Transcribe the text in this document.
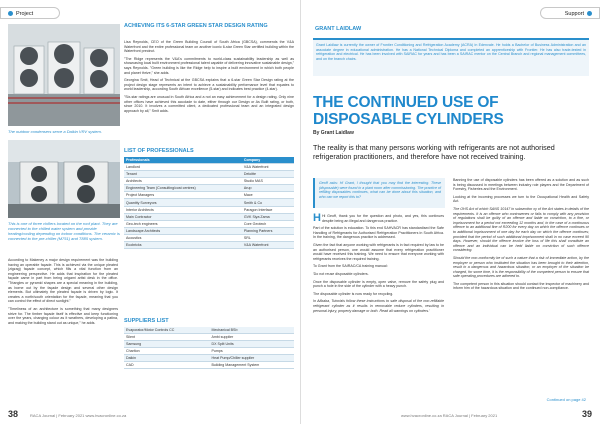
Project
The outdoor condensers serve a Daikin VRV system.
This is one of three chillers located on the roof plant. They are connected to the chilled water system and provide heating/cooling depending on indoor conditions. The ceramic is connected to the pre-chiller (M751) and T885 system.
ACHIEVING ITS 6-STAR GREEN STAR DESIGN RATING

Lisa Reynolds, CEO of the Green Building Council of South Africa (GBCSA), commends the V&A Waterfront and the entire professional team on another iconic 6-star Green Star certified building within the Waterfront precinct.

"The Ridge represents the V&A's commitments to world-class sustainability leadership as well as showcasing local built environment professional talent capable of delivering innovative sustainable design," says Reynolds. "Green building is like the Ridge help to inspire a built environment in which both people and planet thrive," she adds.

Georgina Smit, Head of Technical at the GBCSA explains that a 6-star Green Star Design rating at the project design stage represents an intent to achieve a sustainability performance level that equates to world leadership, according South African excellence (5-star) and indicates best practice (4-star).

"Six-star ratings are unusual in South Africa and a not an easy achievement for a design rating. Only nine other offices have achieved this accolade to date, either through our Design or As Built rating, or both, since 2010. It involves a committed client, a dedicated professional team and an integrated design approach by all," Smit adds.

LIST OF PROFESSIONALS
Professionals	Company
Landlord	V&A Waterfront
Tenant	Deloitte
Architects	Studio MAS
Engineering Team (Consulting/cost centres)	Arup
Project Managers	Mace
Quantity Surveyors	Smith & Co
Interior Architects	Paragon Interface
Main Contractor	GVK Siya Zama
Geo-tech engineers	Core Geotech
Landscape Architects	Planning Partners
Acoustics	SRL
Ecobricks	V&A Waterfront
SUPPLIERS LIST
Evaporator/Motor Controls CC	Mechanical BSb
Silent	Ambi supplier
Samsung	DX Split Units
Charlton	Pumps
Daikin	Heat Pump/Chiller supplier
CAD	Building Management System

According to Makeney a major design requirement was the building having an operable façade. This is achieved via the unique pleated (zigzag) façade concept, which fills a vital function from an engineering perspective. He adds that inspiration for the pleated façade came in part from being origami artist desk in the office. "Triangles or pyramid shapes are a special meaning in the building, as borne out by the façade design and several other design elements. But ultimately the pleated façade is driven by logic. It creates a north/south orientation for the façade, meaning that you can control the effect of direct sunlight."

"Timeliness of an architecture is something that many designers strive for. The timber façade itself is effective and keep functioning over the years, changing colour as it weathers, developing a patina, and making the building stand out as unique," he adds.

38	RACA Journal | February 2021 www.hvacronline.co.za
Support
GRANT LAIDLAW
Grant Laidlaw is currently the owner of Frontier Conditioning and Refrigeration Academy (ACRA) in Edenvale. He holds a Bachelor of Business Administration and an associate degree in educational administration. He has a National Technical Diploma and completed an apprenticeship with Frontier. He has also trade-tested in refrigeration and electrical. He has been involved with SAIRAC for years and has been a SAIRAC mentor on the Central Branch and regional management committees, and on the branch chairs.
THE CONTINUED USE OF DISPOSABLE CYLINDERS
By Grant Laidlaw
The reality is that many persons working with refrigerants are not authorised refrigeration practitioners, and therefore have not received training.
Geoff asks: Hi Grant, I thought that you may find the interesting. These (disposable) were found in a plant room after commissioning. The practice of refilling disposables continues, what can be done about this situation, and who can we report this to?

H Hi Geoff, thank you for the question and photo, and yes, this continues despite being an illegal and dangerous practice.

Part of the solution is education. To this end SAHVACR has standardised the Safe Handling of Refrigerants for Authorised Refrigeration Practitioners in South Africa. In the training, the dangerous practice is addressed.

Given the fact that anyone working with refrigerants is in fact required by law to be an authorised person, one would assume that every refrigeration practitioner would have received this training. We need to ensure that everyone working with refrigerants receives the required training.

To Grant from the SAIRAC/CA training manual:

'Do not reuse disposable cylinders.

Once the disposable cylinder is empty, open valve, remove the safety plug and punch a hole in the side of the cylinder with a heavy punch.

The disposable cylinder is now ready for recycling.

In Alibaba, Tutorials follow these instructions to safe disposal of the non-refillable refrigerant cylinder as it results in removable reduce cylinders, resulting in personal injury, property damage or both. Read all warnings on cylinders.'

Banning the use of disposable cylinders has been offered as a solution and as such is being discussed in meetings between industry role players and the Department of Forestry, Fisheries and the Environment.

Looking at the incoming processes we turn to the Occupational Health and Safety Act.

The OHS Act of which SANS 10147 in subsection xy of the Act states in details of the requirements. It is an offence who contravenes or fails to comply with any provision of regulations shall be guilty of an offence and liable on conviction, to a fine, or imprisonment for a period not exceeding 12 months and, in the case of a continuous offence to an additional fine of R200 for every day on which the offence continues or to additional imprisonment of one day for each day on which the offence continues; provided that the period of such additional imprisonment shall in no case exceed 90 days. However, should the offence involve the loss of life this shall constitute an offence and an individual can be held liable on conviction of such offence considering.

Should the non-conformity be of such a nature that a risk of immediate action, by the employer or person who instituted the situation has been brought to their attention, result in a dangerous and hazardous situation, or an employer of the situation be charged, for some time, it is the responsibility of the competent person to ensure that safe operating procedures are adhered to.

The competent person in this situation should contact the inspector of machinery and inform him of the hazardous situation and the continued non-compliance.

Continued on page 42
www.hvacronline.co.za RACA Journal | February 2021	39
